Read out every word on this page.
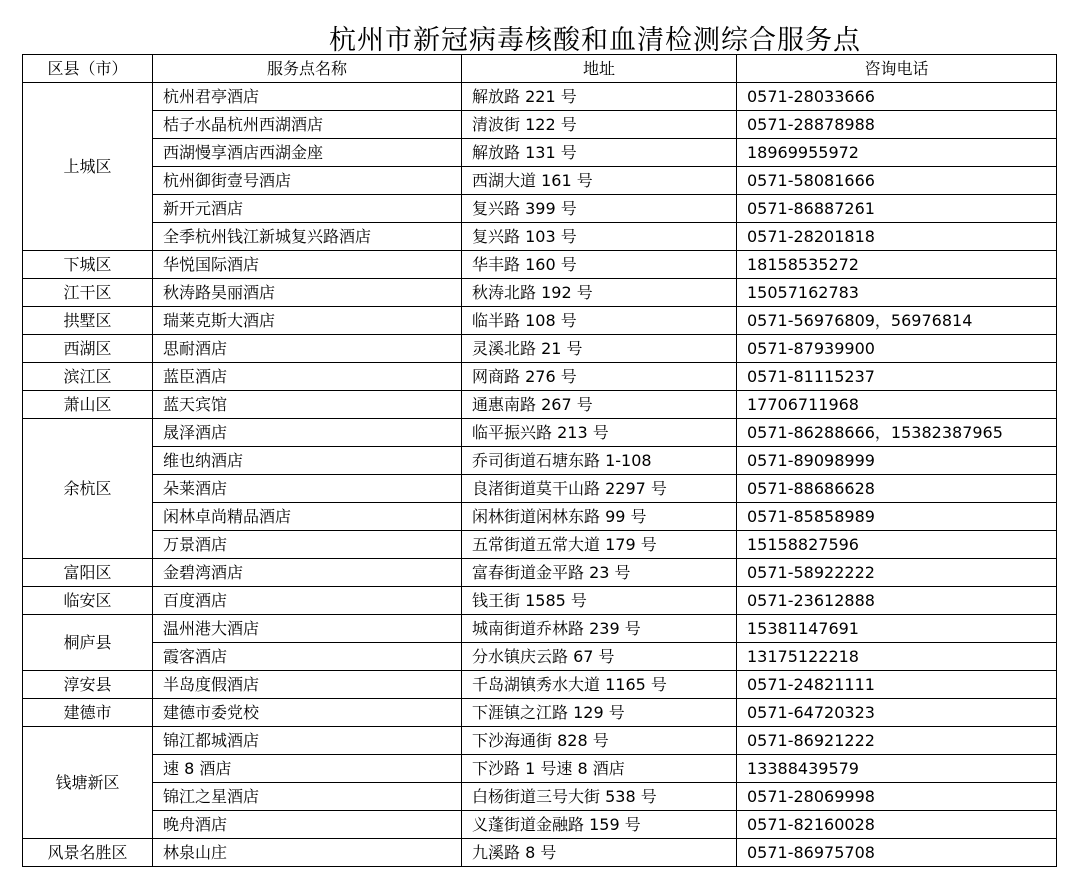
杭州市新冠病毒核酸和血清检测综合服务点
区县（市）	服务点名称	地址	咨询电话
上城区	杭州君亭酒店	解放路 221 号	0571-28033666
	桔子水晶杭州西湖酒店	清波街 122 号	0571-28878988
	西湖慢享酒店西湖金座	解放路 131 号	18969955972
	杭州御街壹号酒店	西湖大道 161 号	0571-58081666
	新开元酒店	复兴路 399 号	0571-86887261
	全季杭州钱江新城复兴路酒店	复兴路 103 号	0571-28201818
下城区	华悦国际酒店	华丰路 160 号	18158535272
江干区	秋涛路昊丽酒店	秋涛北路 192 号	15057162783
拱墅区	瑞莱克斯大酒店	临半路 108 号	0571-56976809，56976814
西湖区	思耐酒店	灵溪北路 21 号	0571-87939900
滨江区	蓝臣酒店	网商路 276 号	0571-81115237
萧山区	蓝天宾馆	通惠南路 267 号	17706711968
余杭区	晟泽酒店	临平振兴路 213 号	0571-86288666，15382387965
	维也纳酒店	乔司街道石塘东路 1-108	0571-89098999
	朵莱酒店	良渚街道莫干山路 2297 号	0571-88686628
	闲林卓尚精品酒店	闲林街道闲林东路 99 号	0571-85858989
	万景酒店	五常街道五常大道 179 号	15158827596
富阳区	金碧湾酒店	富春街道金平路 23 号	0571-58922222
临安区	百度酒店	钱王街 1585 号	0571-23612888
桐庐县	温州港大酒店	城南街道乔林路 239 号	15381147691
	霞客酒店	分水镇庆云路 67 号	13175122218
淳安县	半岛度假酒店	千岛湖镇秀水大道 1165 号	0571-24821111
建德市	建德市委党校	下涯镇之江路 129 号	0571-64720323
钱塘新区	锦江都城酒店	下沙海通街 828 号	0571-86921222
	速 8 酒店	下沙路 1 号速 8 酒店	13388439579
	锦江之星酒店	白杨街道三号大街 538 号	0571-28069998
	晚舟酒店	义蓬街道金融路 159 号	0571-82160028
风景名胜区	林泉山庄	九溪路 8 号	0571-86975708
